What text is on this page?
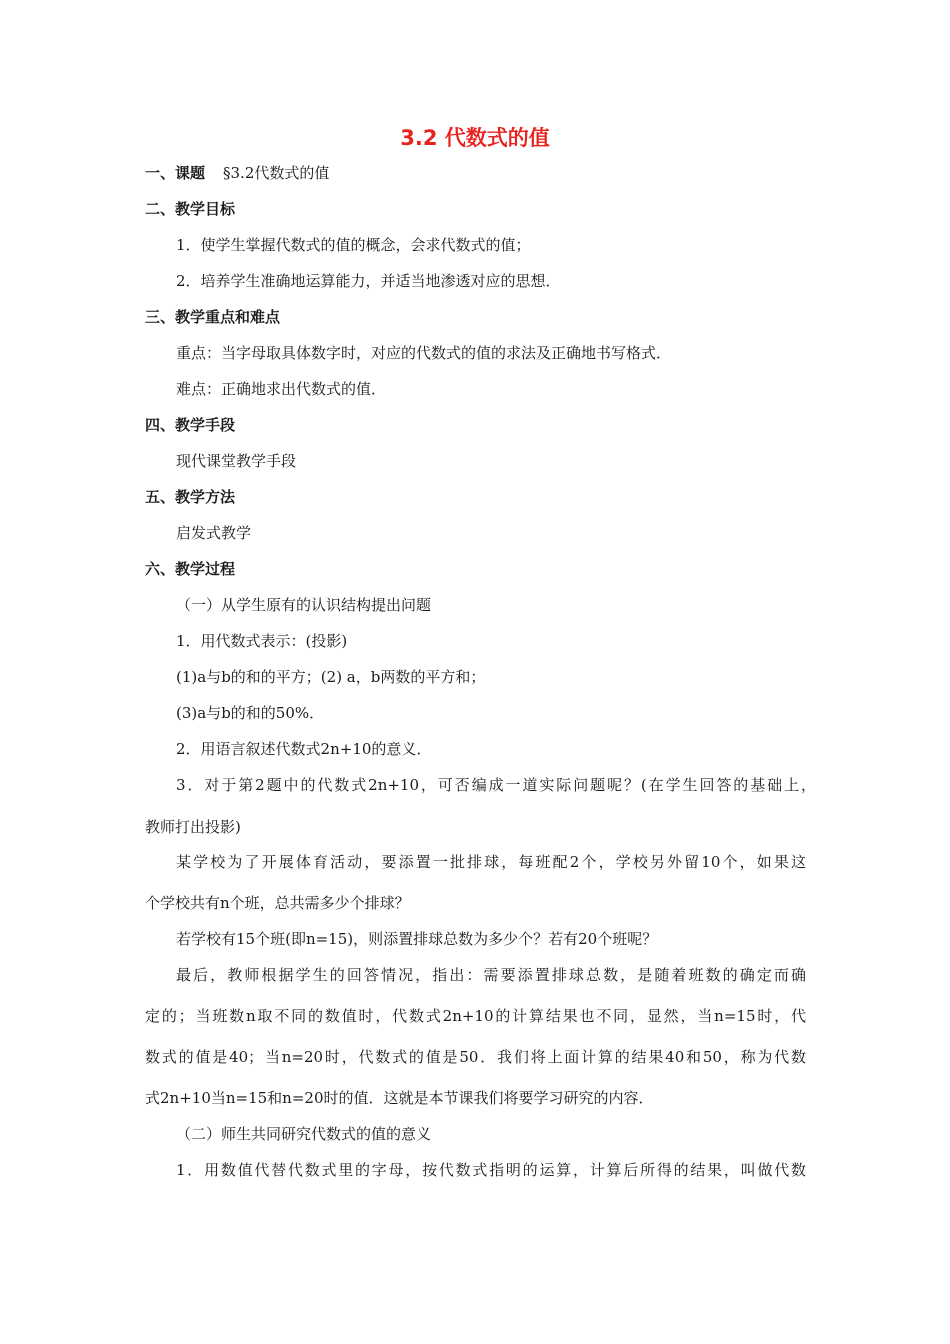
3.2 代数式的值
一、课题 §3.2代数式的值
二、教学目标
1．使学生掌握代数式的值的概念，会求代数式的值；
2．培养学生准确地运算能力，并适当地渗透对应的思想．
三、教学重点和难点
重点：当字母取具体数字时，对应的代数式的值的求法及正确地书写格式．
难点：正确地求出代数式的值．
四、教学手段
现代课堂教学手段
五、教学方法
启发式教学
六、教学过程
（一）从学生原有的认识结构提出问题
1．用代数式表示：(投影)
(1)a与b的和的平方；(2) a，b两数的平方和；
(3)a与b的和的50%．
2．用语言叙述代数式2n+10的意义．
3．对于第2题中的代数式2n+10，可否编成一道实际问题呢？(在学生回答的基础上，
教师打出投影)
某学校为了开展体育活动，要添置一批排球，每班配2个，学校另外留10个，如果这
个学校共有n个班，总共需多少个排球？
若学校有15个班(即n=15)，则添置排球总数为多少个？若有20个班呢？
最后，教师根据学生的回答情况，指出：需要添置排球总数，是随着班数的确定而确
定的；当班数n取不同的数值时，代数式2n+10的计算结果也不同，显然，当n=15时，代
数式的值是40；当n=20时，代数式的值是50．我们将上面计算的结果40和50，称为代数
式2n+10当n=15和n=20时的值．这就是本节课我们将要学习研究的内容．
（二）师生共同研究代数式的值的意义
1．用数值代替代数式里的字母，按代数式指明的运算，计算后所得的结果，叫做代数
